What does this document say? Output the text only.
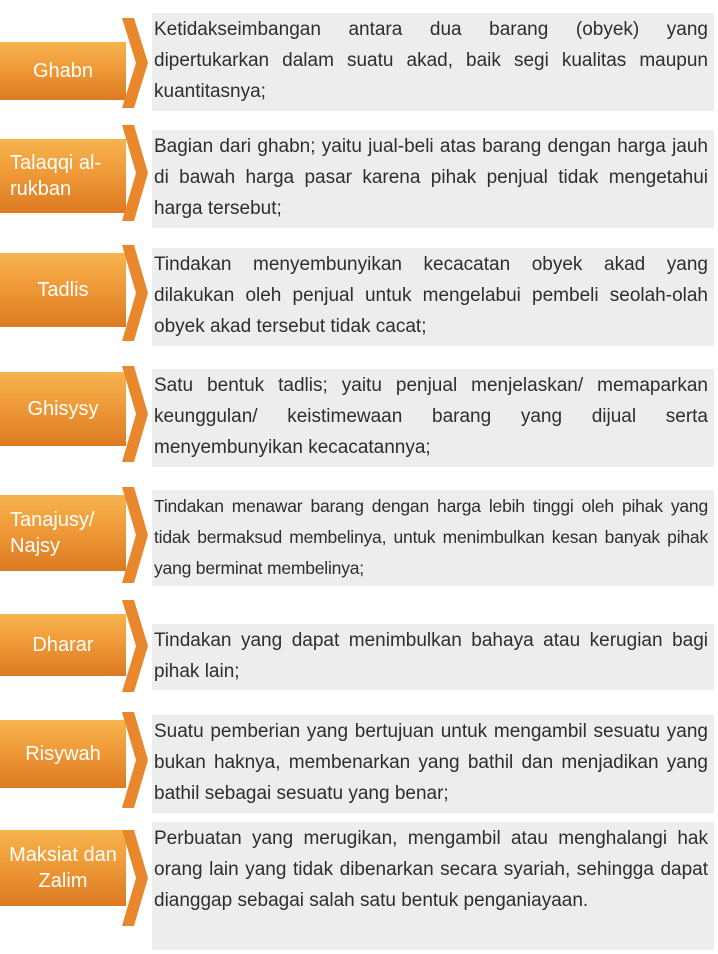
Ghabn
Ketidakseimbangan antara dua barang (obyek) yang dipertukarkan dalam suatu akad, baik segi kualitas maupun kuantitasnya;
Talaqqi al-rukban
Bagian dari ghabn; yaitu jual-beli atas barang dengan harga jauh di bawah harga pasar karena pihak penjual tidak mengetahui harga tersebut;
Tadlis
Tindakan menyembunyikan kecacatan obyek akad yang dilakukan oleh penjual untuk mengelabui pembeli seolah-olah obyek akad tersebut tidak cacat;
Ghisysy
Satu bentuk tadlis; yaitu penjual menjelaskan/ memaparkan keunggulan/ keistimewaan barang yang dijual serta menyembunyikan kecacatannya;
Tanajusy/ Najsy
Tindakan menawar barang dengan harga lebih tinggi oleh pihak yang tidak bermaksud membelinya, untuk menimbulkan kesan banyak pihak yang berminat membelinya;
Dharar	Tindakan yang dapat menimbulkan bahaya atau kerugian bagi pihak lain;
Risywah
Suatu pemberian yang bertujuan untuk mengambil sesuatu yang bukan haknya, membenarkan yang bathil dan menjadikan yang bathil sebagai sesuatu yang benar;
Maksiat dan Zalim
Perbuatan yang merugikan, mengambil atau menghalangi hak orang lain yang tidak dibenarkan secara syariah, sehingga dapat dianggap sebagai salah satu bentuk penganiayaan.
